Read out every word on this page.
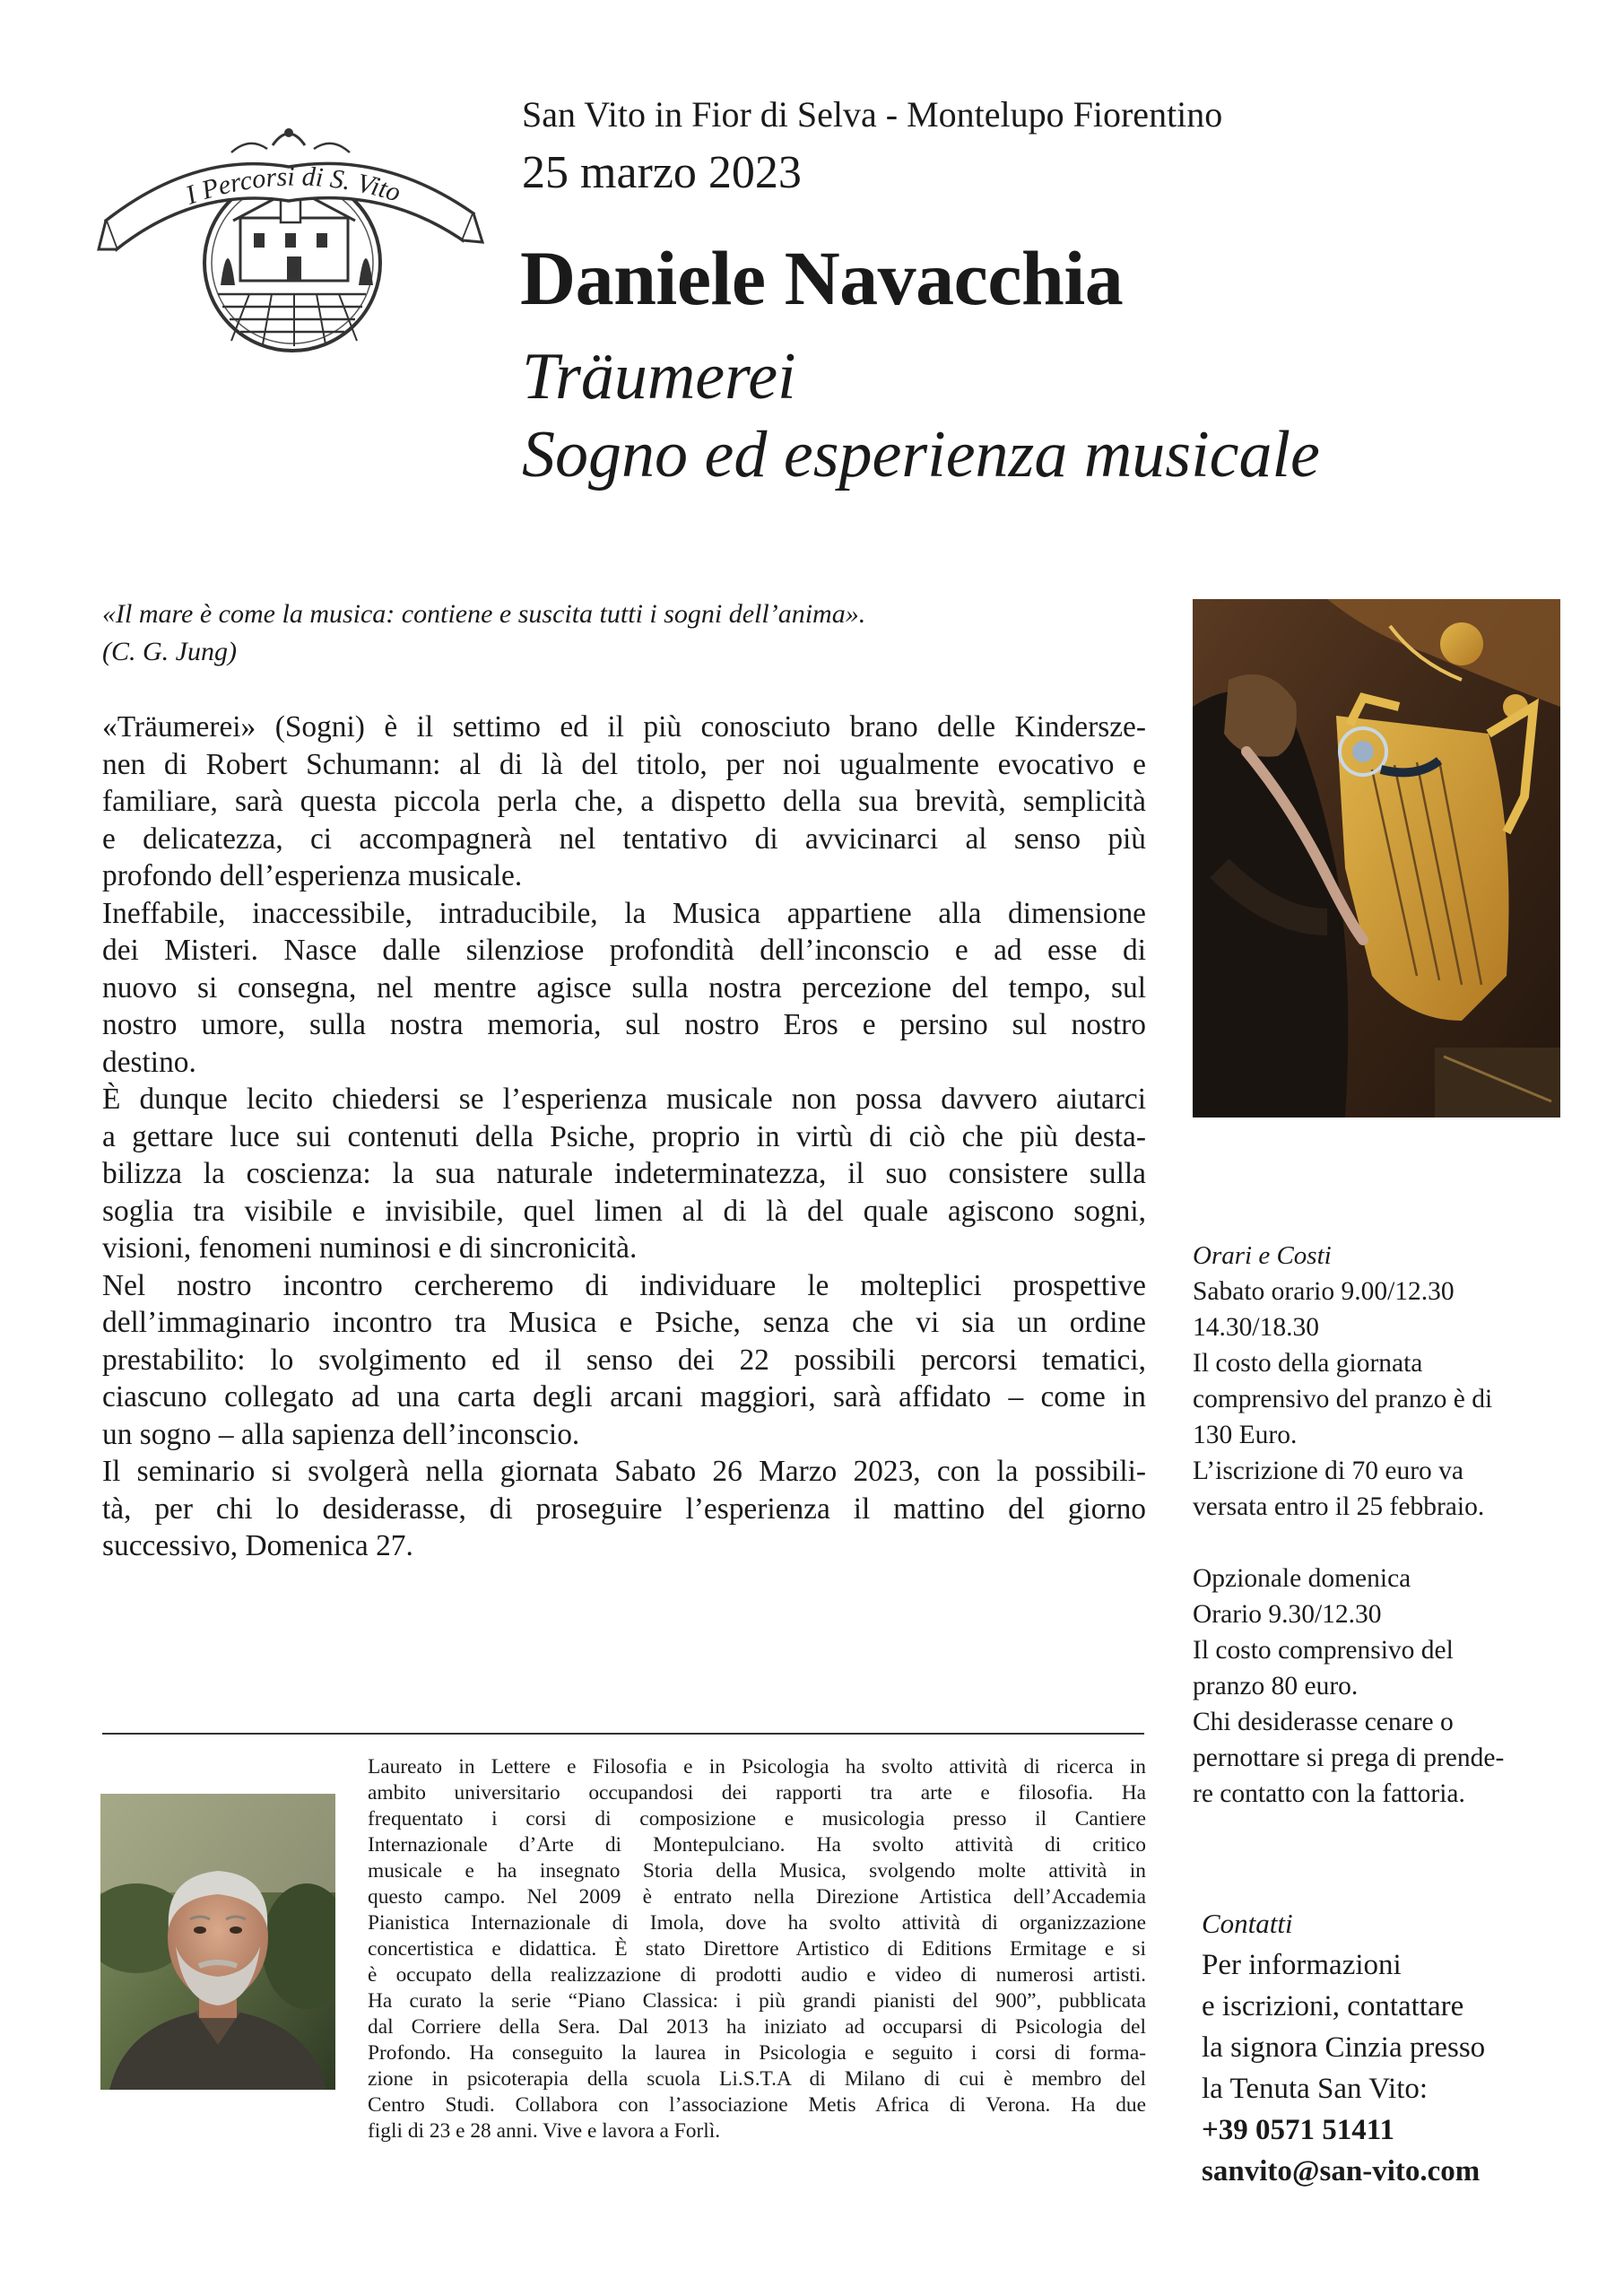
I Percorsi di S. Vito
San Vito in Fior di Selva - Montelupo Fiorentino
25 marzo 2023
Daniele Navacchia
Träumerei
Sogno ed esperienza musicale
«Il mare è come la musica: contiene e suscita tutti i sogni dell’anima».
(C. G. Jung)
«Träumerei» (Sogni) è il settimo ed il più conosciuto brano delle Kindersze-
nen di Robert Schumann: al di là del titolo, per noi ugualmente evocativo e
familiare, sarà questa piccola perla che, a dispetto della sua brevità, semplicità
e delicatezza, ci accompagnerà nel tentativo di avvicinarci al senso più
profondo dell’esperienza musicale.
Ineffabile, inaccessibile, intraducibile, la Musica appartiene alla dimensione
dei Misteri. Nasce dalle silenziose profondità dell’inconscio e ad esse di
nuovo si consegna, nel mentre agisce sulla nostra percezione del tempo, sul
nostro umore, sulla nostra memoria, sul nostro Eros e persino sul nostro
destino.
È dunque lecito chiedersi se l’esperienza musicale non possa davvero aiutarci
a gettare luce sui contenuti della Psiche, proprio in virtù di ciò che più desta-
bilizza la coscienza: la sua naturale indeterminatezza, il suo consistere sulla
soglia tra visibile e invisibile, quel limen al di là del quale agiscono sogni,
visioni, fenomeni numinosi e di sincronicità.
Nel nostro incontro cercheremo di individuare le molteplici prospettive
dell’immaginario incontro tra Musica e Psiche, senza che vi sia un ordine
prestabilito: lo svolgimento ed il senso dei 22 possibili percorsi tematici,
ciascuno collegato ad una carta degli arcani maggiori, sarà affidato – come in
un sogno – alla sapienza dell’inconscio.
Il seminario si svolgerà nella giornata Sabato 26 Marzo 2023, con la possibili-
tà, per chi lo desiderasse, di proseguire l’esperienza il mattino del giorno
successivo, Domenica 27.
Laureato in Lettere e Filosofia e in Psicologia ha svolto attività di ricerca in
ambito universitario occupandosi dei rapporti tra arte e filosofia. Ha
frequentato i corsi di composizione e musicologia presso il Cantiere
Internazionale d’Arte di Montepulciano. Ha svolto attività di critico
musicale e ha insegnato Storia della Musica, svolgendo molte attività in
questo campo. Nel 2009 è entrato nella Direzione Artistica dell’Accademia
Pianistica Internazionale di Imola, dove ha svolto attività di organizzazione
concertistica e didattica. È stato Direttore Artistico di Editions Ermitage e si
è occupato della realizzazione di prodotti audio e video di numerosi artisti.
Ha curato la serie “Piano Classica: i più grandi pianisti del 900”, pubblicata
dal Corriere della Sera. Dal 2013 ha iniziato ad occuparsi di Psicologia del
Profondo. Ha conseguito la laurea in Psicologia e seguito i corsi di forma-
zione in psicoterapia della scuola Li.S.T.A di Milano di cui è membro del
Centro Studi. Collabora con l’associazione Metis Africa di Verona. Ha due
figli di 23 e 28 anni. Vive e lavora a Forlì.
Orari e Costi
Sabato orario 9.00/12.30
14.30/18.30
Il costo della giornata
comprensivo del pranzo è di
130 Euro.
L’iscrizione di 70 euro va
versata entro il 25 febbraio.
Opzionale domenica
Orario 9.30/12.30
Il costo comprensivo del
pranzo 80 euro.
Chi desiderasse cenare o
pernottare si prega di prende-
re contatto con la fattoria.
Contatti
Per informazioni
e iscrizioni, contattare
la signora Cinzia presso
la Tenuta San Vito:
+39 0571 51411
sanvito@san-vito.com
